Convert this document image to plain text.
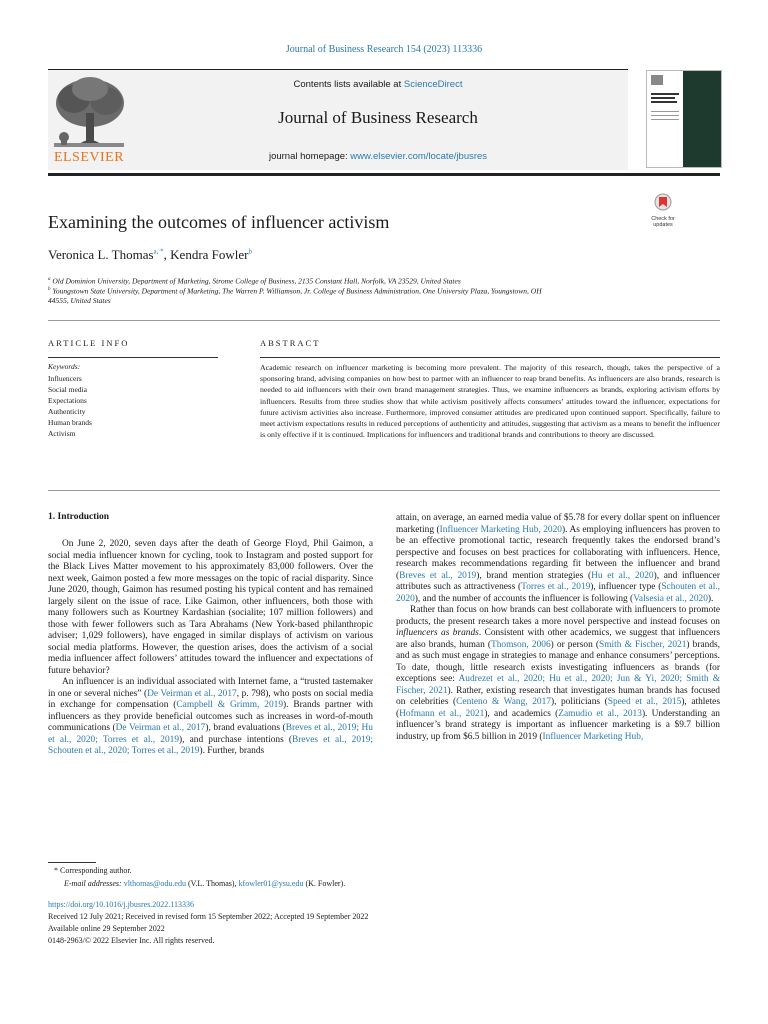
Journal of Business Research 154 (2023) 113336
ELSEVIER
Contents lists available at ScienceDirect
Journal of Business Research
journal homepage: www.elsevier.com/locate/jbusres
Check for updates
Examining the outcomes of influencer activism
Veronica L. Thomas$^{a, *}$, Kendra Fowler$^b$
$^a$ Old Dominion University, Department of Marketing, Strome College of Business, 2135 Constant Hall, Norfolk, VA 23529, United States
$^b$ Youngstown State University, Department of Marketing, The Warren P. Williamson, Jr. College of Business Administration, One University Plaza, Youngstown, OH
44555, United States
ARTICLE INFO
Keywords:
Influencers
Social media
Expectations
Authenticity
Human brands
Activism
ABSTRACT
Academic research on influencer marketing is becoming more prevalent. The majority of this research, though, takes the perspective of a sponsoring brand, advising companies on how best to partner with an influencer to reap brand benefits. As influencers are also brands, research is needed to aid influencers with their own brand management strategies. Thus, we examine influencers as brands, exploring activism efforts by influencers. Results from three studies show that while activism positively affects consumers’ attitudes toward the influencer, expectations for future activism activities also increase. Furthermore, improved consumer attitudes are predicated upon continued support. Specifically, failure to meet activism expectations results in reduced perceptions of authenticity and attitudes, suggesting that activism as a means to benefit the influencer is only effective if it is continued. Implications for influencers and traditional brands and contributions to theory are discussed.
1. Introduction

On June 2, 2020, seven days after the death of George Floyd, Phil Gaimon, a social media influencer known for cycling, took to Instagram and posted support for the Black Lives Matter movement to his approximately 83,000 followers. Over the next week, Gaimon posted a few more messages on the topic of racial disparity. Since June 2020, though, Gaimon has resumed posting his typical content and has remained largely silent on the issue of race. Like Gaimon, other influencers, both those with many followers such as Kourtney Kardashian (socialite; 107 million followers) and those with fewer followers such as Tara Abrahams (New York-based philanthropic adviser; 1,029 followers), have engaged in similar displays of activism on various social media platforms. However, the question arises, does the activism of a social media influencer affect followers’ attitudes toward the influencer and expectations of future behavior?

An influencer is an individual associated with Internet fame, a “trusted tastemaker in one or several niches” (De Veirman et al., 2017, p. 798), who posts on social media in exchange for compensation (Campbell & Grimm, 2019). Brands partner with influencers as they provide beneficial outcomes such as increases in word-of-mouth communications (De Veirman et al., 2017), brand evaluations (Breves et al., 2019; Hu et al., 2020; Torres et al., 2019), and purchase intentions (Breves et al., 2019; Schouten et al., 2020; Torres et al., 2019). Further, brands

attain, on average, an earned media value of $5.78 for every dollar spent on influencer marketing (Influencer Marketing Hub, 2020). As employing influencers has proven to be an effective promotional tactic, research frequently takes the endorsed brand’s perspective and focuses on best practices for collaborating with influencers. Hence, research makes recommendations regarding fit between the influencer and brand (Breves et al., 2019), brand mention strategies (Hu et al., 2020), and influencer attributes such as attractiveness (Torres et al., 2019), influencer type (Schouten et al., 2020), and the number of accounts the influencer is following (Valsesia et al., 2020).

Rather than focus on how brands can best collaborate with influencers to promote products, the present research takes a more novel perspective and instead focuses on influencers as brands. Consistent with other academics, we suggest that influencers are also brands, human (Thomson, 2006) or person (Smith & Fischer, 2021) brands, and as such must engage in strategies to manage and enhance consumers’ perceptions. To date, though, little research exists investigating influencers as brands (for exceptions see: Audrezet et al., 2020; Hu et al., 2020; Jun & Yi, 2020; Smith & Fischer, 2021). Rather, existing research that investigates human brands has focused on celebrities (Centeno & Wang, 2017), politicians (Speed et al., 2015), athletes (Hofmann et al., 2021), and academics (Zamudio et al., 2013). Understanding an influencer’s brand strategy is important as influencer marketing is a $9.7 billion industry, up from $6.5 billion in 2019 (Influencer Marketing Hub,

* Corresponding author.
E-mail addresses: vlthomas@odu.edu (V.L. Thomas), kfowler01@ysu.edu (K. Fowler).
https://doi.org/10.1016/j.jbusres.2022.113336
Received 12 July 2021; Received in revised form 15 September 2022; Accepted 19 September 2022
Available online 29 September 2022
0148-2963/© 2022 Elsevier Inc. All rights reserved.
